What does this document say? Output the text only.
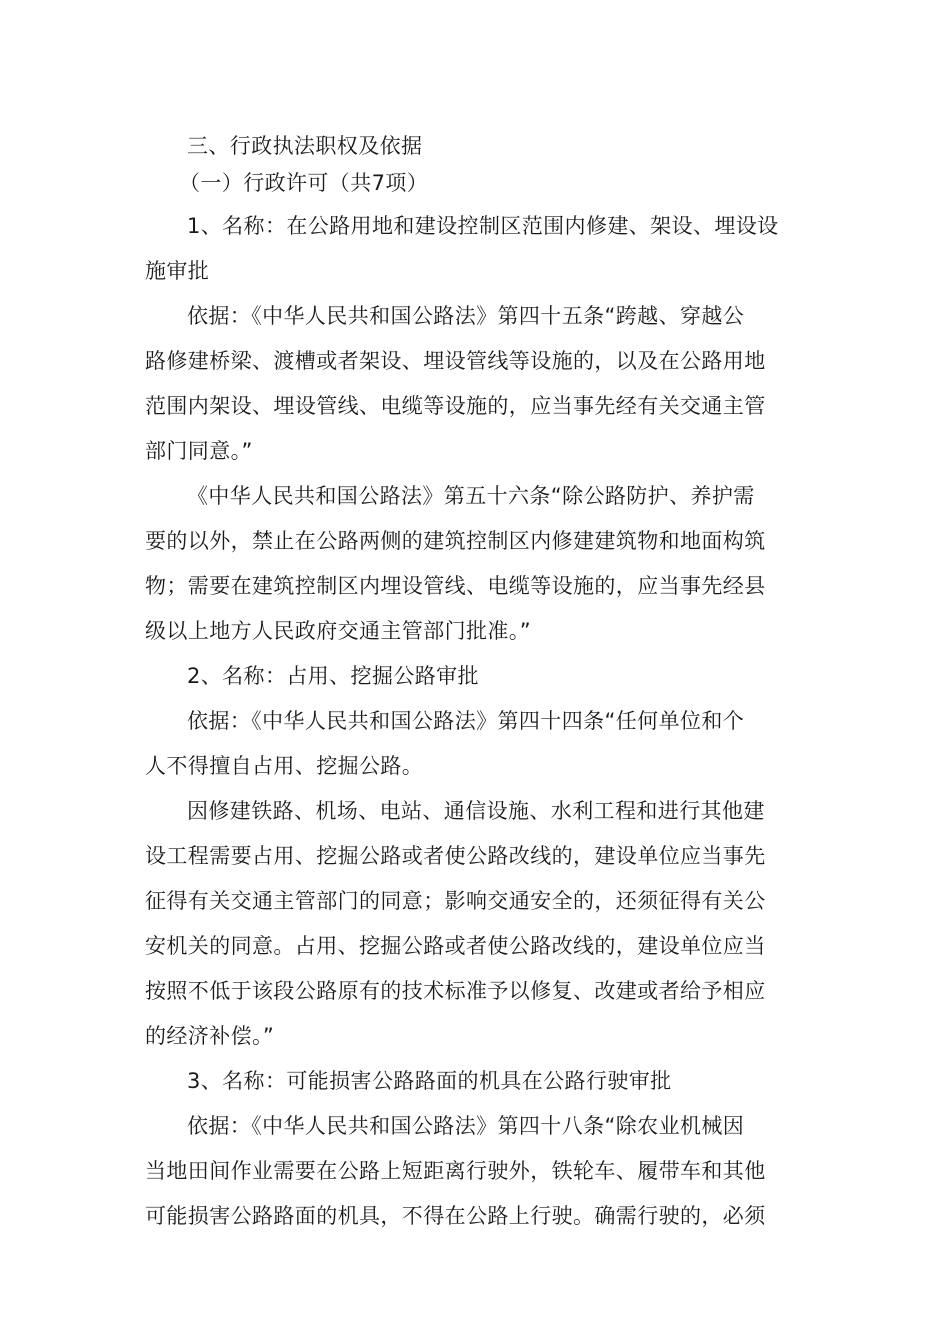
三、行政执法职权及依据
（一）行政许可（共7项）
1、名称：在公路用地和建设控制区范围内修建、架设、埋设设
施审批
依据：《中华人民共和国公路法》第四十五条“跨越、穿越公
路修建桥梁、渡槽或者架设、埋设管线等设施的，以及在公路用地
范围内架设、埋设管线、电缆等设施的，应当事先经有关交通主管
部门同意。”
《中华人民共和国公路法》第五十六条“除公路防护、养护需
要的以外，禁止在公路两侧的建筑控制区内修建建筑物和地面构筑
物；需要在建筑控制区内埋设管线、电缆等设施的，应当事先经县
级以上地方人民政府交通主管部门批准。”
2、名称：占用、挖掘公路审批
依据：《中华人民共和国公路法》第四十四条“任何单位和个
人不得擅自占用、挖掘公路。
因修建铁路、机场、电站、通信设施、水利工程和进行其他建
设工程需要占用、挖掘公路或者使公路改线的，建设单位应当事先
征得有关交通主管部门的同意；影响交通安全的，还须征得有关公
安机关的同意。占用、挖掘公路或者使公路改线的，建设单位应当
按照不低于该段公路原有的技术标准予以修复、改建或者给予相应
的经济补偿。”
3、名称：可能损害公路路面的机具在公路行驶审批
依据：《中华人民共和国公路法》第四十八条“除农业机械因
当地田间作业需要在公路上短距离行驶外，铁轮车、履带车和其他
可能损害公路路面的机具，不得在公路上行驶。确需行驶的，必须
